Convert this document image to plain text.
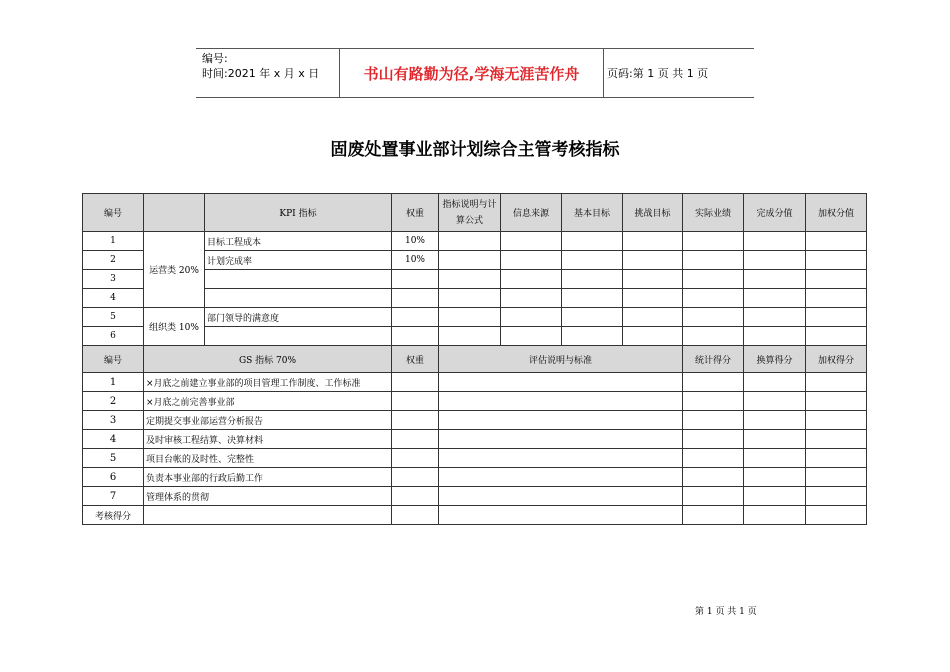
编号:
时间:2021 年 x 月 x 日	书山有路勤为径,学海无涯苦作舟	页码:第 1 页 共 1 页
固废处置事业部计划综合主管考核指标
编号		KPI 指标	权重	指标说明与计算公式	信息来源	基本目标	挑战目标	实际业绩	完成分值	加权分值
1	运营类 20%	目标工程成本	10%							
2		计划完成率	10%							
3										
4										
5	组织类 10%	部门领导的满意度								
6										
编号	GS 指标 70%		权重	评估说明与标准				统计得分	换算得分	加权得分
1	×月底之前建立事业部的项目管理工作制度、工作标准									
2	×月底之前完善事业部									
3	定期提交事业部运营分析报告									
4	及时审核工程结算、决算材料									
5	项目台帐的及时性、完整性									
6	负责本事业部的行政后勤工作									
7	管理体系的贯彻									
考核得分										
第 1 页 共 1 页
